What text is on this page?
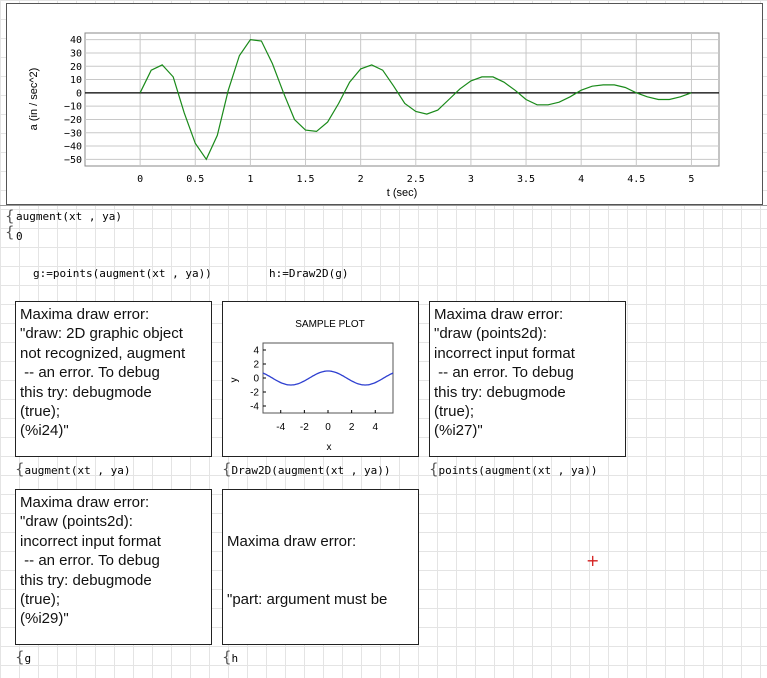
40
30
20
10
0
−10
−20
−30
−40
−50
0	0.5	1	1.5	2	2.5	3	3.5	4	4.5	5
t (sec)
a (in / sec^2)
{
{
augment(xt , ya)
0
g:=points(augment(xt , ya))	h:=Draw2D(g)
Maxima draw error:
"draw: 2D graphic object
not recognized, augment
-- an error. To debug
this try: debugmode
(true);
(%i24)"
{augment(xt , ya)
SAMPLE PLOT
4
2
0
-2
-4
-4 -2 0 2 4
x
y
{Draw2D(augment(xt , ya))
Maxima draw error:
"draw (points2d):
incorrect input format
-- an error. To debug
this try: debugmode
(true);
(%i27)"
{points(augment(xt , ya))
Maxima draw error:
"draw (points2d):
incorrect input format
-- an error. To debug
this try: debugmode
(true);
(%i29)"
{g

Maxima draw error:

"part: argument must be

{h
+
